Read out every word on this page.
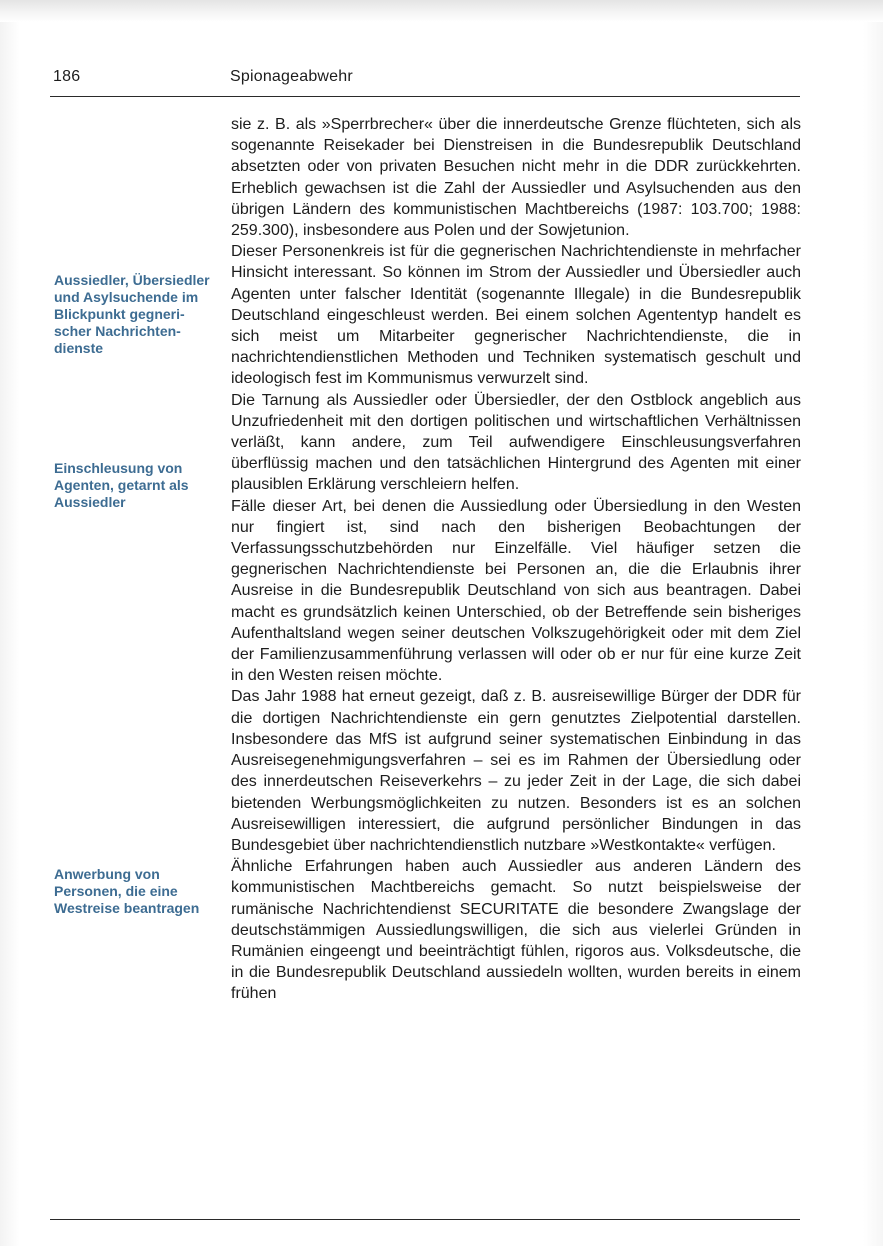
186	Spionageabwehr
Aussiedler, Übersiedler und Asylsuchende im Blickpunkt gegnerischer Nachrichtendienste
Einschleusung von Agenten, getarnt als Aussiedler
Anwerbung von Personen, die eine Westreise beantragen

sie z. B. als »Sperrbrecher« über die innerdeutsche Grenze flüchteten, sich als sogenannte Reisekader bei Dienstreisen in die Bundesrepublik Deutschland absetzten oder von privaten Besuchen nicht mehr in die DDR zurückkehrten. Erheblich gewachsen ist die Zahl der Aussiedler und Asylsuchenden aus den übrigen Ländern des kommunistischen Machtbereichs (1987: 103.700; 1988: 259.300), insbesondere aus Polen und der Sowjetunion.

Dieser Personenkreis ist für die gegnerischen Nachrichtendienste in mehrfacher Hinsicht interessant. So können im Strom der Aussiedler und Übersiedler auch Agenten unter falscher Identität (sogenannte Illegale) in die Bundesrepublik Deutschland eingeschleust werden. Bei einem solchen Agententyp handelt es sich meist um Mitarbeiter gegnerischer Nachrichtendienste, die in nachrichtendienstlichen Methoden und Techniken systematisch geschult und ideologisch fest im Kommunismus verwurzelt sind.

Die Tarnung als Aussiedler oder Übersiedler, der den Ostblock angeblich aus Unzufriedenheit mit den dortigen politischen und wirtschaftlichen Verhältnissen verläßt, kann andere, zum Teil aufwendigere Einschleusungsverfahren überflüssig machen und den tatsächlichen Hintergrund des Agenten mit einer plausiblen Erklärung verschleiern helfen.

Fälle dieser Art, bei denen die Aussiedlung oder Übersiedlung in den Westen nur fingiert ist, sind nach den bisherigen Beobachtungen der Verfassungsschutzbehörden nur Einzelfälle. Viel häufiger setzen die gegnerischen Nachrichtendienste bei Personen an, die die Erlaubnis ihrer Ausreise in die Bundesrepublik Deutschland von sich aus beantragen. Dabei macht es grundsätzlich keinen Unterschied, ob der Betreffende sein bisheriges Aufenthaltsland wegen seiner deutschen Volkszugehörigkeit oder mit dem Ziel der Familienzusammenführung verlassen will oder ob er nur für eine kurze Zeit in den Westen reisen möchte.

Das Jahr 1988 hat erneut gezeigt, daß z. B. ausreisewillige Bürger der DDR für die dortigen Nachrichtendienste ein gern genutztes Zielpotential darstellen. Insbesondere das MfS ist aufgrund seiner systematischen Einbindung in das Ausreisegenehmigungsverfahren – sei es im Rahmen der Übersiedlung oder des innerdeutschen Reiseverkehrs – zu jeder Zeit in der Lage, die sich dabei bietenden Werbungsmöglichkeiten zu nutzen. Besonders ist es an solchen Ausreisewilligen interessiert, die aufgrund persönlicher Bindungen in das Bundesgebiet über nachrichtendienstlich nutzbare »Westkontakte« verfügen.

Ähnliche Erfahrungen haben auch Aussiedler aus anderen Ländern des kommunistischen Machtbereichs gemacht. So nutzt beispielsweise der rumänische Nachrichtendienst SECURITATE die besondere Zwangslage der deutschstämmigen Aussiedlungswilligen, die sich aus vielerlei Gründen in Rumänien eingeengt und beeinträchtigt fühlen, rigoros aus. Volksdeutsche, die in die Bundesrepublik Deutschland aussiedeln wollten, wurden bereits in einem frühen
